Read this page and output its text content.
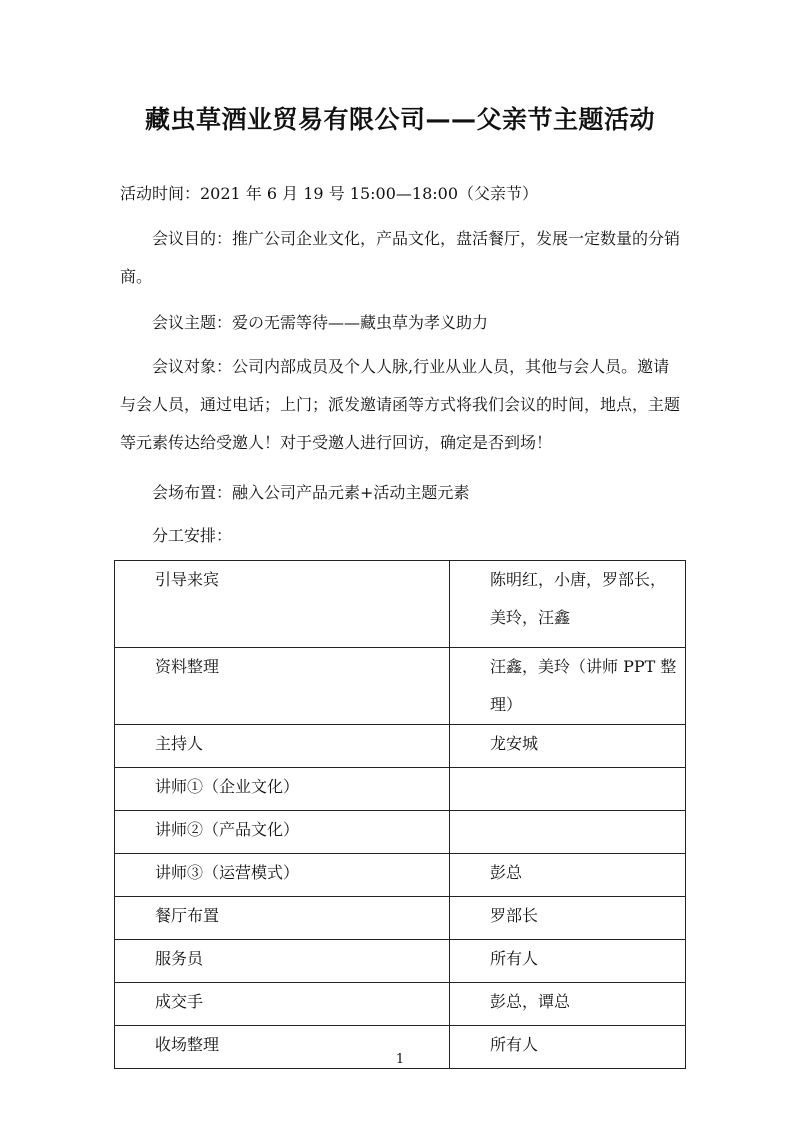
藏虫草酒业贸易有限公司——父亲节主题活动

活动时间：2021 年 6 月 19 号 15:00—18:00（父亲节）

会议目的：推广公司企业文化，产品文化，盘活餐厅，发展一定数量的分销商。

会议主题：爱の无需等待——藏虫草为孝义助力

会议对象：公司内部成员及个人人脉,行业从业人员，其他与会人员。邀请与会人员，通过电话；上门；派发邀请函等方式将我们会议的时间，地点，主题等元素传达给受邀人！对于受邀人进行回访，确定是否到场！

会场布置：融入公司产品元素+活动主题元素

分工安排：

引导来宾	陈明红，小唐，罗部长，美玲，汪鑫
资料整理	汪鑫，美玲（讲师 PPT 整理）
主持人	龙安城
讲师①（企业文化）	
讲师②（产品文化）	
讲师③（运营模式）	彭总
餐厅布置	罗部长
服务员	所有人
成交手	彭总，谭总
收场整理	所有人
1
